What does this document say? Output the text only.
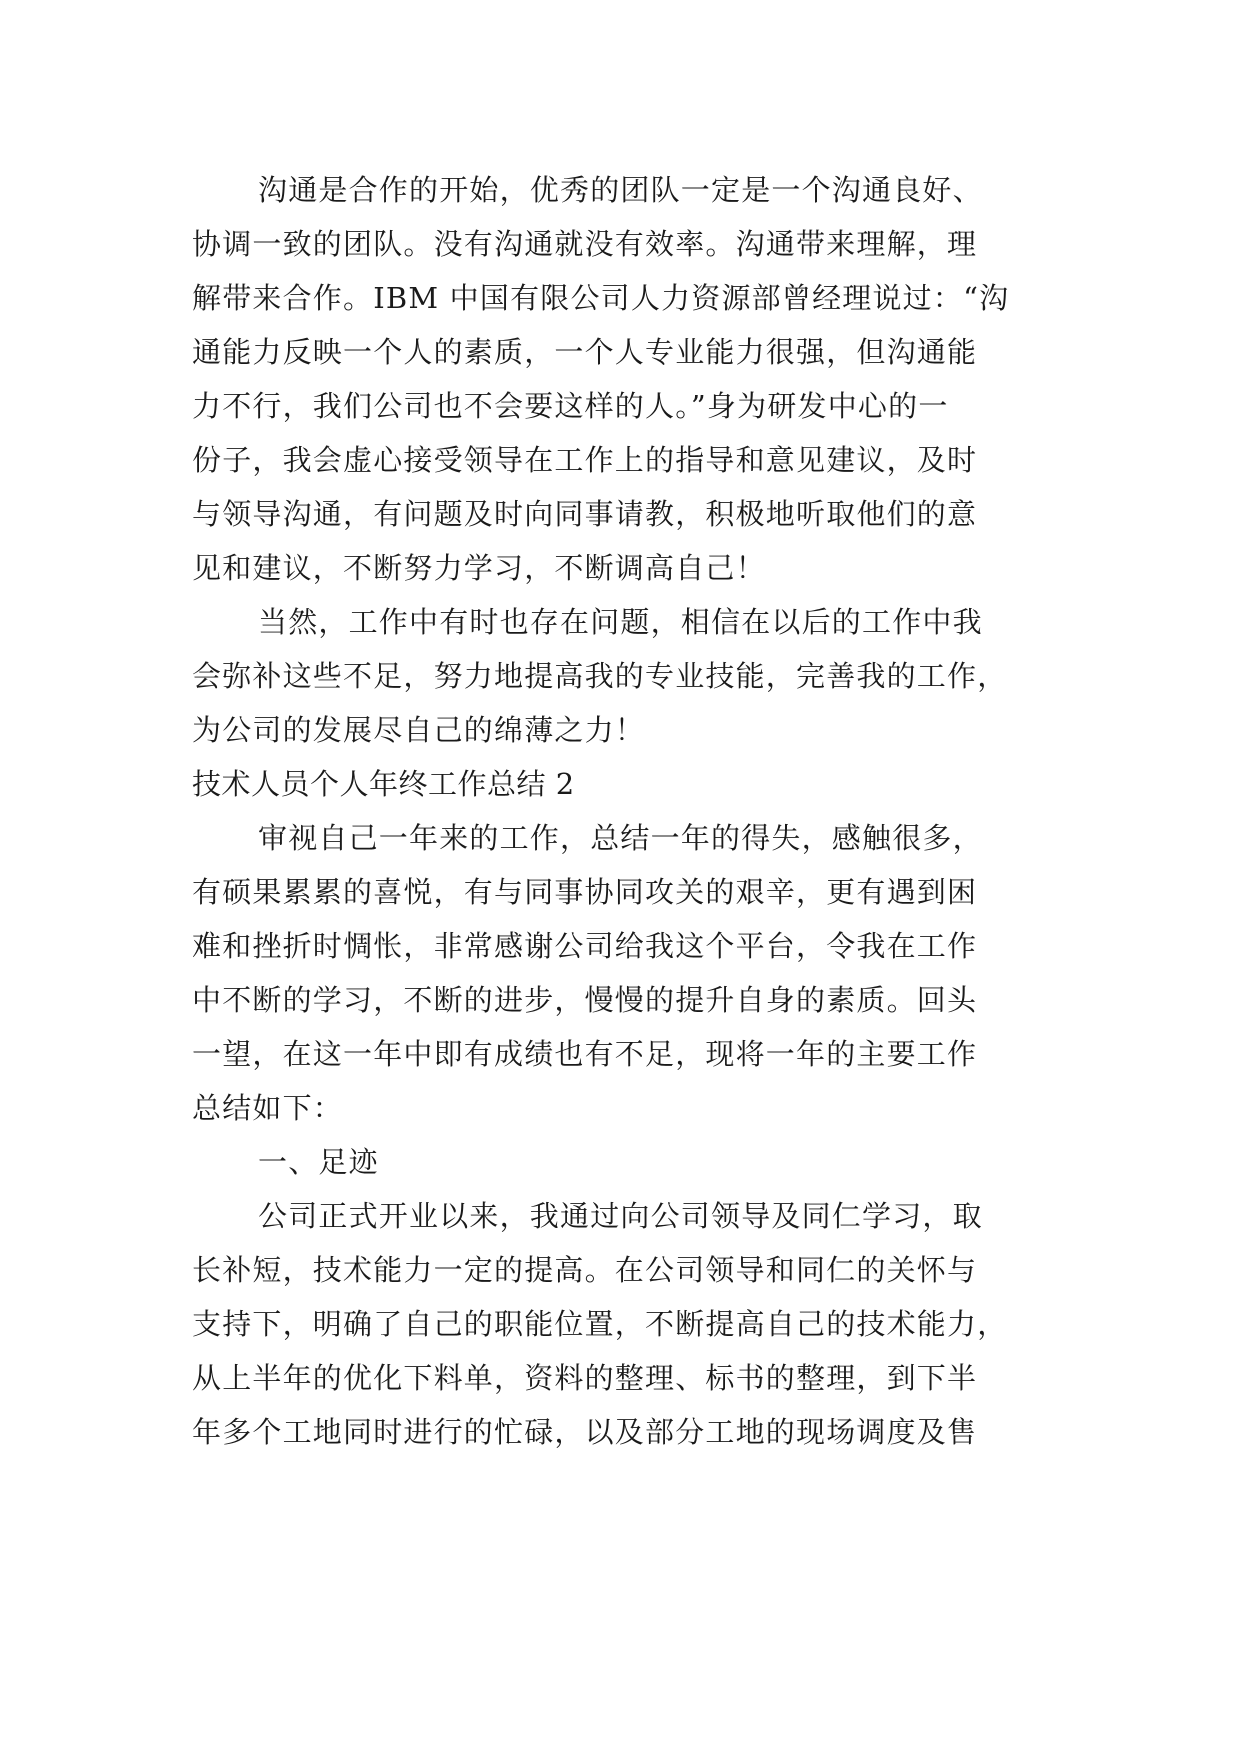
沟通是合作的开始，优秀的团队一定是一个沟通良好、
协调一致的团队。没有沟通就没有效率。沟通带来理解，理
解带来合作。IBM 中国有限公司人力资源部曾经理说过：“沟
通能力反映一个人的素质，一个人专业能力很强，但沟通能
力不行，我们公司也不会要这样的人。”身为研发中心的一
份子，我会虚心接受领导在工作上的指导和意见建议，及时
与领导沟通，有问题及时向同事请教，积极地听取他们的意
见和建议，不断努力学习，不断调高自己！
当然，工作中有时也存在问题，相信在以后的工作中我
会弥补这些不足，努力地提高我的专业技能，完善我的工作，
为公司的发展尽自己的绵薄之力！
技术人员个人年终工作总结 2
审视自己一年来的工作，总结一年的得失，感触很多，
有硕果累累的喜悦，有与同事协同攻关的艰辛，更有遇到困
难和挫折时惆怅，非常感谢公司给我这个平台，令我在工作
中不断的学习，不断的进步，慢慢的提升自身的素质。回头
一望，在这一年中即有成绩也有不足，现将一年的主要工作
总结如下：
一、足迹
公司正式开业以来，我通过向公司领导及同仁学习，取
长补短，技术能力一定的提高。在公司领导和同仁的关怀与
支持下，明确了自己的职能位置，不断提高自己的技术能力，
从上半年的优化下料单，资料的整理、标书的整理，到下半
年多个工地同时进行的忙碌，以及部分工地的现场调度及售
